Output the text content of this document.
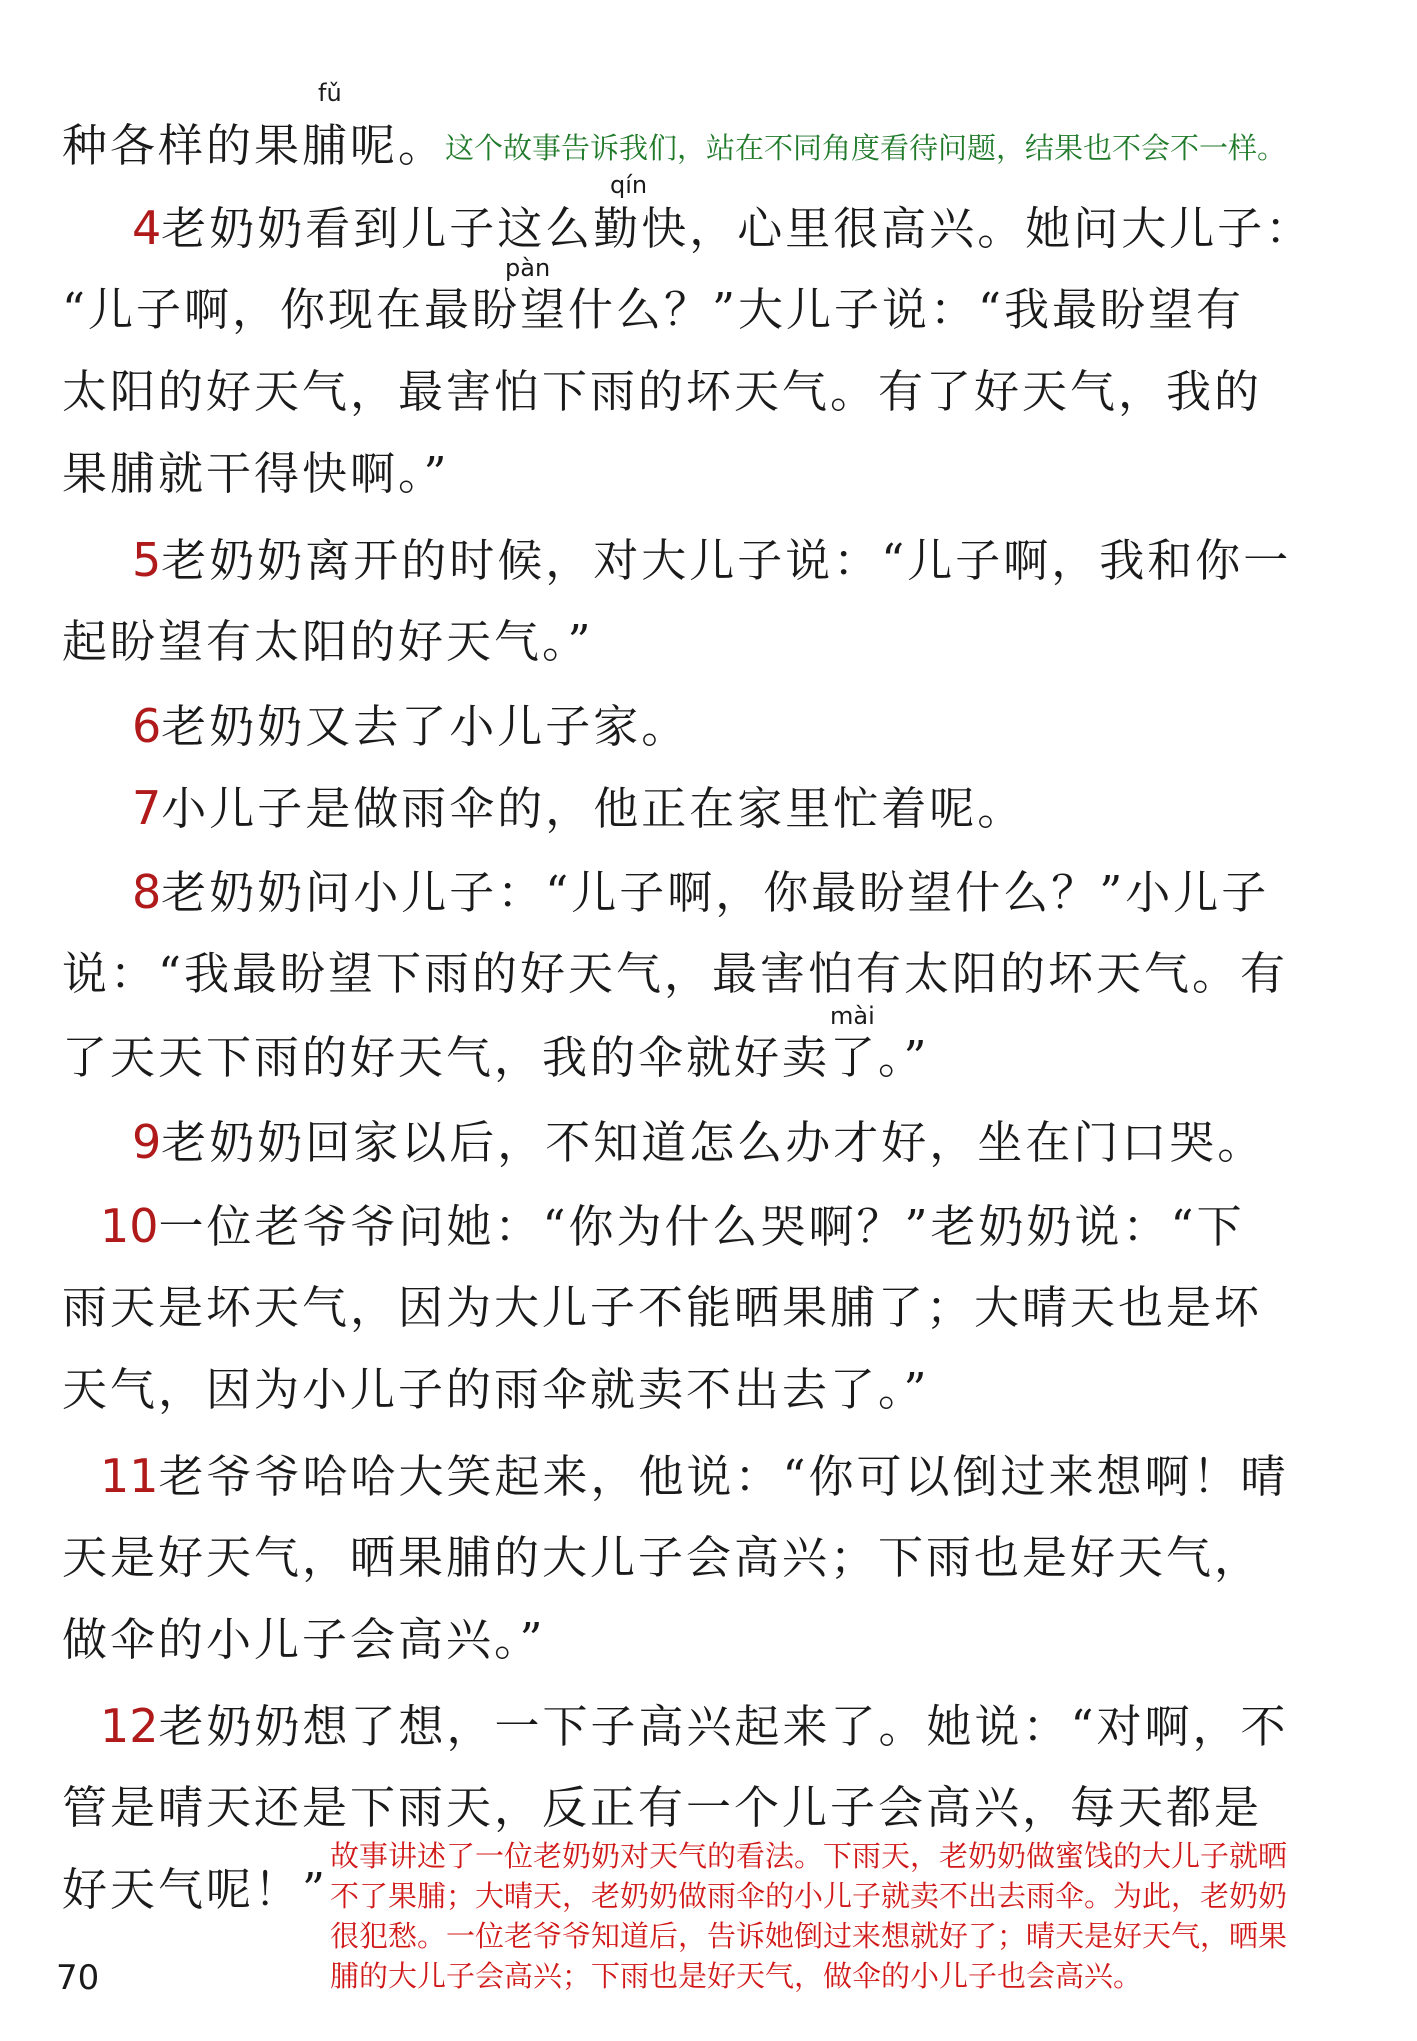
fǔ
qín
pàn
mài
种各样的果脯呢。
这个故事告诉我们，站在不同角度看待问题，结果也不会不一样。
4老奶奶看到儿子这么勤快，心里很高兴。她问大儿子：
“儿子啊，你现在最盼望什么？”大儿子说：“我最盼望有
太阳的好天气，最害怕下雨的坏天气。有了好天气，我的
果脯就干得快啊。”
5老奶奶离开的时候，对大儿子说：“儿子啊，我和你一
起盼望有太阳的好天气。”
6老奶奶又去了小儿子家。
7小儿子是做雨伞的，他正在家里忙着呢。
8老奶奶问小儿子：“儿子啊，你最盼望什么？”小儿子
说：“我最盼望下雨的好天气，最害怕有太阳的坏天气。有
了天天下雨的好天气，我的伞就好卖了。”
9老奶奶回家以后，不知道怎么办才好，坐在门口哭。
10一位老爷爷问她：“你为什么哭啊？”老奶奶说：“下
雨天是坏天气，因为大儿子不能晒果脯了；大晴天也是坏
天气，因为小儿子的雨伞就卖不出去了。”
11老爷爷哈哈大笑起来，他说：“你可以倒过来想啊！晴
天是好天气，晒果脯的大儿子会高兴；下雨也是好天气，
做伞的小儿子会高兴。”
12老奶奶想了想，一下子高兴起来了。她说：“对啊，不
管是晴天还是下雨天，反正有一个儿子会高兴，每天都是
好天气呢！”
故事讲述了一位老奶奶对天气的看法。下雨天，老奶奶做蜜饯的大儿子就晒
不了果脯；大晴天，老奶奶做雨伞的小儿子就卖不出去雨伞。为此，老奶奶
很犯愁。一位老爷爷知道后，告诉她倒过来想就好了；晴天是好天气，晒果
脯的大儿子会高兴；下雨也是好天气，做伞的小儿子也会高兴。
70
